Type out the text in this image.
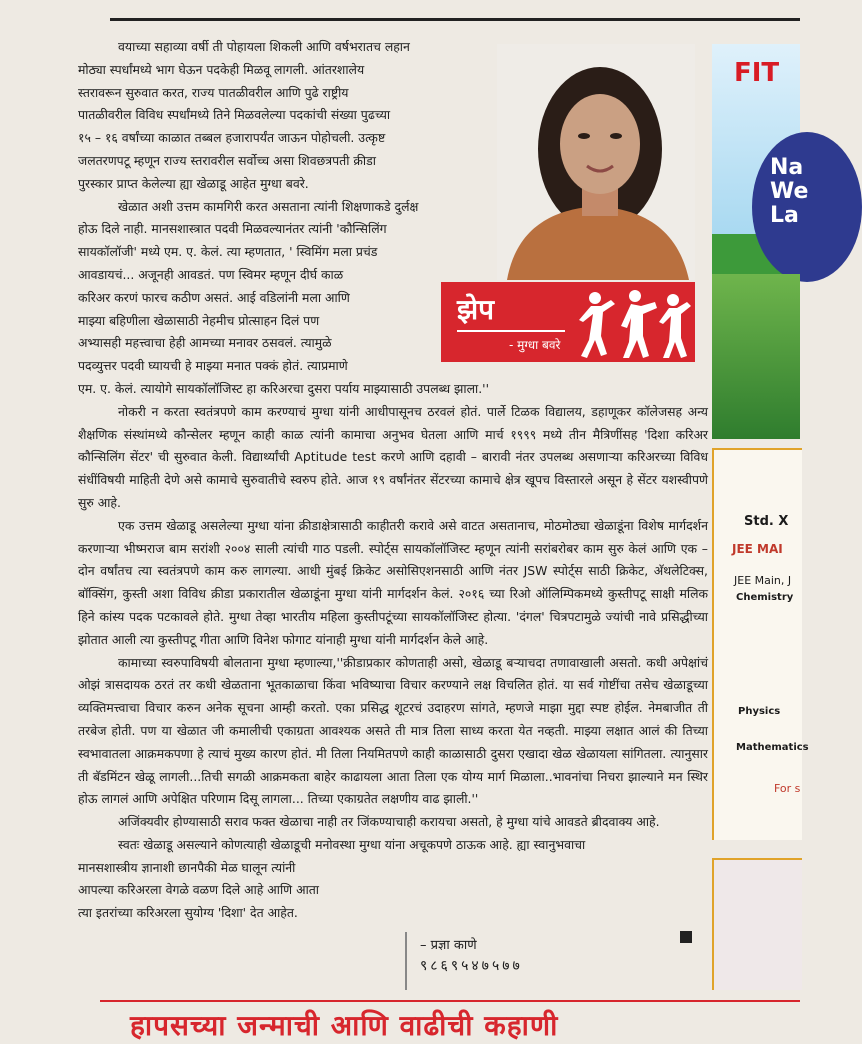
झेप
- मुग्धा बवरे

वयाच्या सहाव्या वर्षी ती पोहायला शिकली आणि वर्षभरातच लहान
मोठ्या स्पर्धांमध्ये भाग घेऊन पदकेही मिळवू लागली. आंतरशालेय
स्तरावरून सुरुवात करत, राज्य पातळीवरील आणि पुढे राष्ट्रीय
पातळीवरील विविध स्पर्धांमध्ये तिने मिळवलेल्या पदकांची संख्या पुढच्या
१५ – १६ वर्षांच्या काळात तब्बल हजारापर्यंत जाऊन पोहोचली. उत्कृष्ट
जलतरणपटू म्हणून राज्य स्तरावरील सर्वोच्च असा शिवछत्रपती क्रीडा
पुरस्कार प्राप्त केलेल्या ह्या खेळाडू आहेत मुग्धा बवरे.

खेळात अशी उत्तम कामगिरी करत असताना त्यांनी शिक्षणाकडे दुर्लक्ष
होऊ दिले नाही. मानसशास्त्रात पदवी मिळवल्यानंतर त्यांनी 'कौन्सिलिंग
सायकॉलॉजी' मध्ये एम. ए. केलं. त्या म्हणतात, ' स्विमिंग मला प्रचंड
आवडायचं... अजूनही आवडतं. पण स्विमर म्हणून दीर्घ काळ
करिअर करणं फारच कठीण असतं. आई वडिलांनी मला आणि
माझ्या बहिणीला खेळासाठी नेहमीच प्रोत्साहन दिलं पण
अभ्यासही महत्त्वाचा हेही आमच्या मनावर ठसवलं. त्यामुळे
पदव्युत्तर पदवी घ्यायची हे माझ्या मनात पक्कं होतं. त्याप्रमाणे

एम. ए. केलं. त्यायोगे सायकॉलॉजिस्ट हा करिअरचा दुसरा पर्याय माझ्यासाठी उपलब्ध झाला.''

नोकरी न करता स्वतंत्रपणे काम करण्याचं मुग्धा यांनी आधीपासूनच ठरवलं होतं. पार्ले टिळक विद्यालय, डहाणूकर कॉलेजसह अन्य शैक्षणिक संस्थांमध्ये कौन्सेलर म्हणून काही काळ त्यांनी कामाचा अनुभव घेतला आणि मार्च १९९९ मध्ये तीन मैत्रिणींसह 'दिशा करिअर कौन्सिलिंग सेंटर' ची सुरुवात केली. विद्यार्थ्यांची Aptitude test करणे आणि दहावी – बारावी नंतर उपलब्ध असणाऱ्या करिअरच्या विविध संधींविषयी माहिती देणे असे कामाचे सुरुवातीचे स्वरुप होते. आज १९ वर्षांनंतर सेंटरच्या कामाचे क्षेत्र खूपच विस्तारले असून हे सेंटर यशस्वीपणे सुरु आहे.

एक उत्तम खेळाडू असलेल्या मुग्धा यांना क्रीडाक्षेत्रासाठी काहीतरी करावे असे वाटत असतानाच, मोठमोठ्या खेळाडूंना विशेष मार्गदर्शन करणाऱ्या भीष्मराज बाम सरांशी २००४ साली त्यांची गाठ पडली. स्पोर्ट्स सायकॉलॉजिस्ट म्हणून त्यांनी सरांबरोबर काम सुरु केलं आणि एक – दोन वर्षांतच त्या स्वतंत्रपणे काम करु लागल्या. आधी मुंबई क्रिकेट असोसिएशनसाठी आणि नंतर JSW स्पोर्ट्स साठी क्रिकेट, अ‍ॅथलेटिक्स, बॉक्सिंग, कुस्ती अशा विविध क्रीडा प्रकारातील खेळाडूंना मुग्धा यांनी मार्गदर्शन केलं. २०१६ च्या रिओ ऑलिम्पिकमध्ये कुस्तीपटू साक्षी मलिक हिने कांस्य पदक पटकावले होते. मुग्धा तेव्हा भारतीय महिला कुस्तीपटूंच्या सायकॉलॉजिस्ट होत्या. 'दंगल' चित्रपटामुळे ज्यांची नावे प्रसिद्धीच्या झोतात आली त्या कुस्तीपटू गीता आणि विनेश फोगाट यांनाही मुग्धा यांनी मार्गदर्शन केले आहे.

कामाच्या स्वरुपाविषयी बोलताना मुग्धा म्हणाल्या,''क्रीडाप्रकार कोणताही असो, खेळाडू बऱ्याचदा तणावाखाली असतो. कधी अपेक्षांचं ओझं त्रासदायक ठरतं तर कधी खेळताना भूतकाळाचा किंवा भविष्याचा विचार करण्याने लक्ष विचलित होतं. या सर्व गोष्टींचा तसेच खेळाडूच्या व्यक्तिमत्त्वाचा विचार करुन अनेक सूचना आम्ही करतो. एका प्रसिद्ध शूटरचं उदाहरण सांगते, म्हणजे माझा मुद्दा स्पष्ट होईल. नेमबाजीत ती तरबेज होती. पण या खेळात जी कमालीची एकाग्रता आवश्यक असते ती मात्र तिला साध्य करता येत नव्हती. माझ्या लक्षात आलं की तिच्या स्वभावातला आक्रमकपणा हे त्याचं मुख्य कारण होतं. मी तिला नियमितपणे काही काळासाठी दुसरा एखादा खेळ खेळायला सांगितला. त्यानुसार ती बॅडमिंटन खेळू लागली...तिची सगळी आक्रमकता बाहेर काढायला आता तिला एक योग्य मार्ग मिळाला..भावनांचा निचरा झाल्याने मन स्थिर होऊ लागलं आणि अपेक्षित परिणाम दिसू लागला... तिच्या एकाग्रतेत लक्षणीय वाढ झाली.''

अजिंक्यवीर होण्यासाठी सराव फक्त खेळाचा नाही तर जिंकण्याचाही करायचा असतो, हे मुग्धा यांचे आवडते ब्रीदवाक्य आहे.

स्वतः खेळाडू असल्याने कोणत्याही खेळाडूची मनोवस्था मुग्धा यांना अचूकपणे ठाऊक आहे. ह्या स्वानुभवाचा

मानसशास्त्रीय ज्ञानाशी छानपैकी मेळ घालून त्यांनी
आपल्या करिअरला वेगळे वळण दिले आहे आणि आता
त्या इतरांच्या करिअरला सुयोग्य 'दिशा' देत आहेत.

– प्रज्ञा काणे
९८६९५४७५७७
FIT
Na
We
La
Std. X
JEE MAI
JEE Main, J
Chemistry
Physics
Mathematics
For s
हापसच्या जन्माची आणि वाढीची कहाणी
